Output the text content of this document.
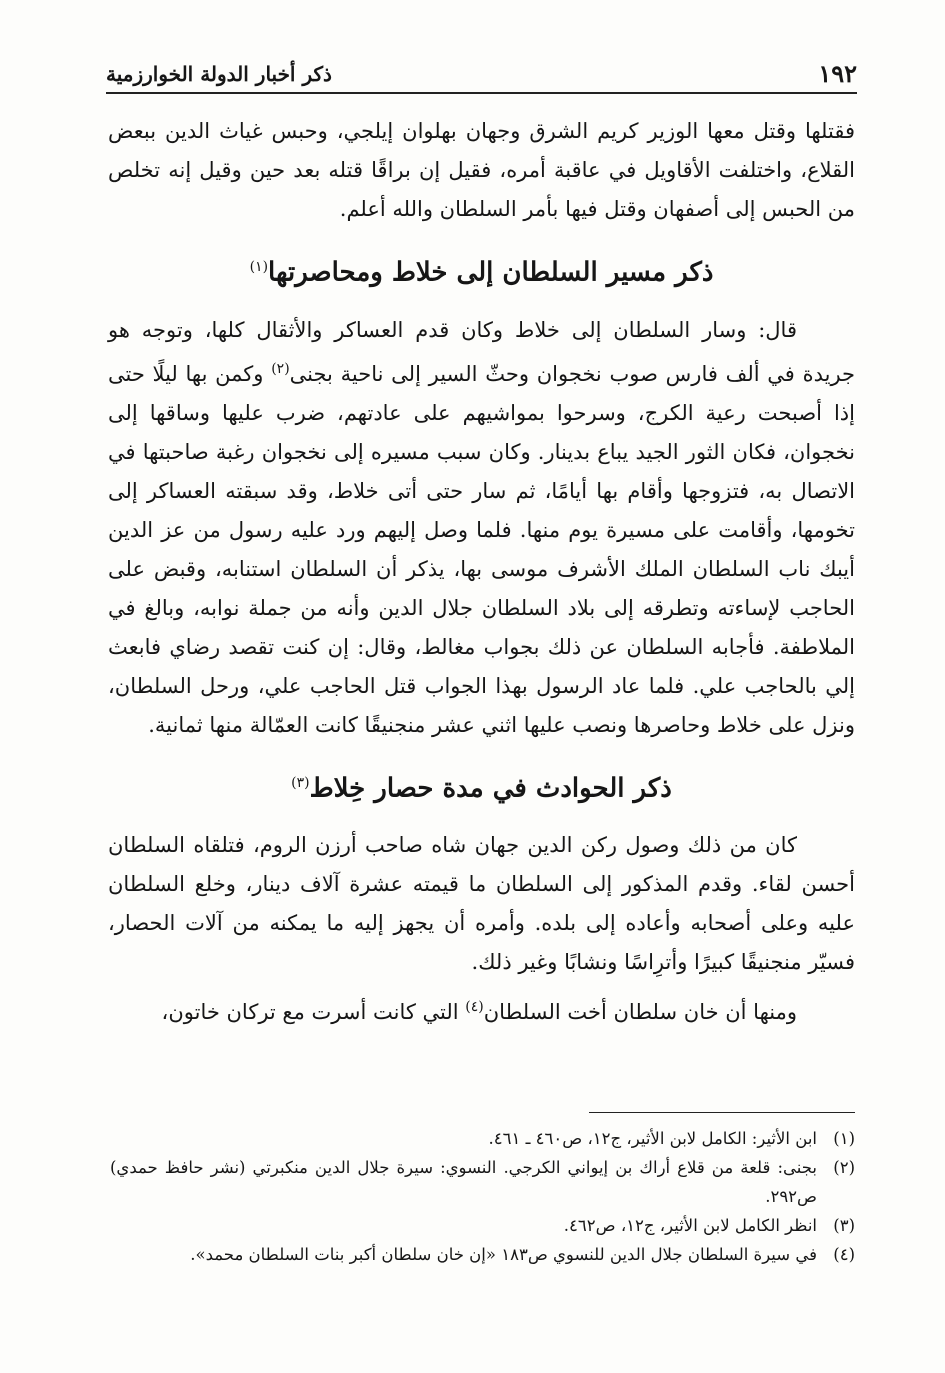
١٩٢
ذكر أخبار الدولة الخوارزمية

فقتلها وقتل معها الوزير كريم الشرق وجهان بهلوان إيلجي، وحبس غياث الدين ببعض القلاع، واختلفت الأقاويل في عاقبة أمره، فقيل إن براقًا قتله بعد حين وقيل إنه تخلص من الحبس إلى أصفهان وقتل فيها بأمر السلطان والله أعلم.

ذكر مسير السلطان إلى خلاط ومحاصرتها$^{(١)}$

قال: وسار السلطان إلى خلاط وكان قدم العساكر والأثقال كلها، وتوجه هو جريدة في ألف فارس صوب نخجوان وحثّ السير إلى ناحية بجنى$^{(٢)}$ وكمن بها ليلًا حتى إذا أصبحت رعية الكرج، وسرحوا بمواشيهم على عادتهم، ضرب عليها وساقها إلى نخجوان، فكان الثور الجيد يباع بدينار. وكان سبب مسيره إلى نخجوان رغبة صاحبتها في الاتصال به، فتزوجها وأقام بها أيامًا، ثم سار حتى أتى خلاط، وقد سبقته العساكر إلى تخومها، وأقامت على مسيرة يوم منها. فلما وصل إليهم ورد عليه رسول من عز الدين أيبك ناب السلطان الملك الأشرف موسى بها، يذكر أن السلطان استنابه، وقبض على الحاجب لإساءته وتطرقه إلى بلاد السلطان جلال الدين وأنه من جملة نوابه، وبالغ في الملاطفة. فأجابه السلطان عن ذلك بجواب مغالط، وقال: إن كنت تقصد رضاي فابعث إلي بالحاجب علي. فلما عاد الرسول بهذا الجواب قتل الحاجب علي، ورحل السلطان، ونزل على خلاط وحاصرها ونصب عليها اثني عشر منجنيقًا كانت العمّالة منها ثمانية.

ذكر الحوادث في مدة حصار خِلاط$^{(٣)}$

كان من ذلك وصول ركن الدين جهان شاه صاحب أرزن الروم، فتلقاه السلطان أحسن لقاء. وقدم المذكور إلى السلطان ما قيمته عشرة آلاف دينار، وخلع السلطان عليه وعلى أصحابه وأعاده إلى بلده. وأمره أن يجهز إليه ما يمكنه من آلات الحصار، فسيّر منجنيقًا كبيرًا وأترِاسًا ونشابًا وغير ذلك.

ومنها أن خان سلطان أخت السلطان$^{(٤)}$ التي كانت أسرت مع تركان خاتون،

(١)
ابن الأثير: الكامل لابن الأثير، ج١٢، ص٤٦٠ ـ ٤٦١.
(٢)
بجنى: قلعة من قلاع أراك بن إيواني الكرجي. النسوي: سيرة جلال الدين منكبرتي (نشر حافظ حمدي) ص٢٩٢.
(٣)
انظر الكامل لابن الأثير، ج١٢، ص٤٦٢.
(٤)
في سيرة السلطان جلال الدين للنسوي ص١٨٣ «إن خان سلطان أكبر بنات السلطان محمد».
